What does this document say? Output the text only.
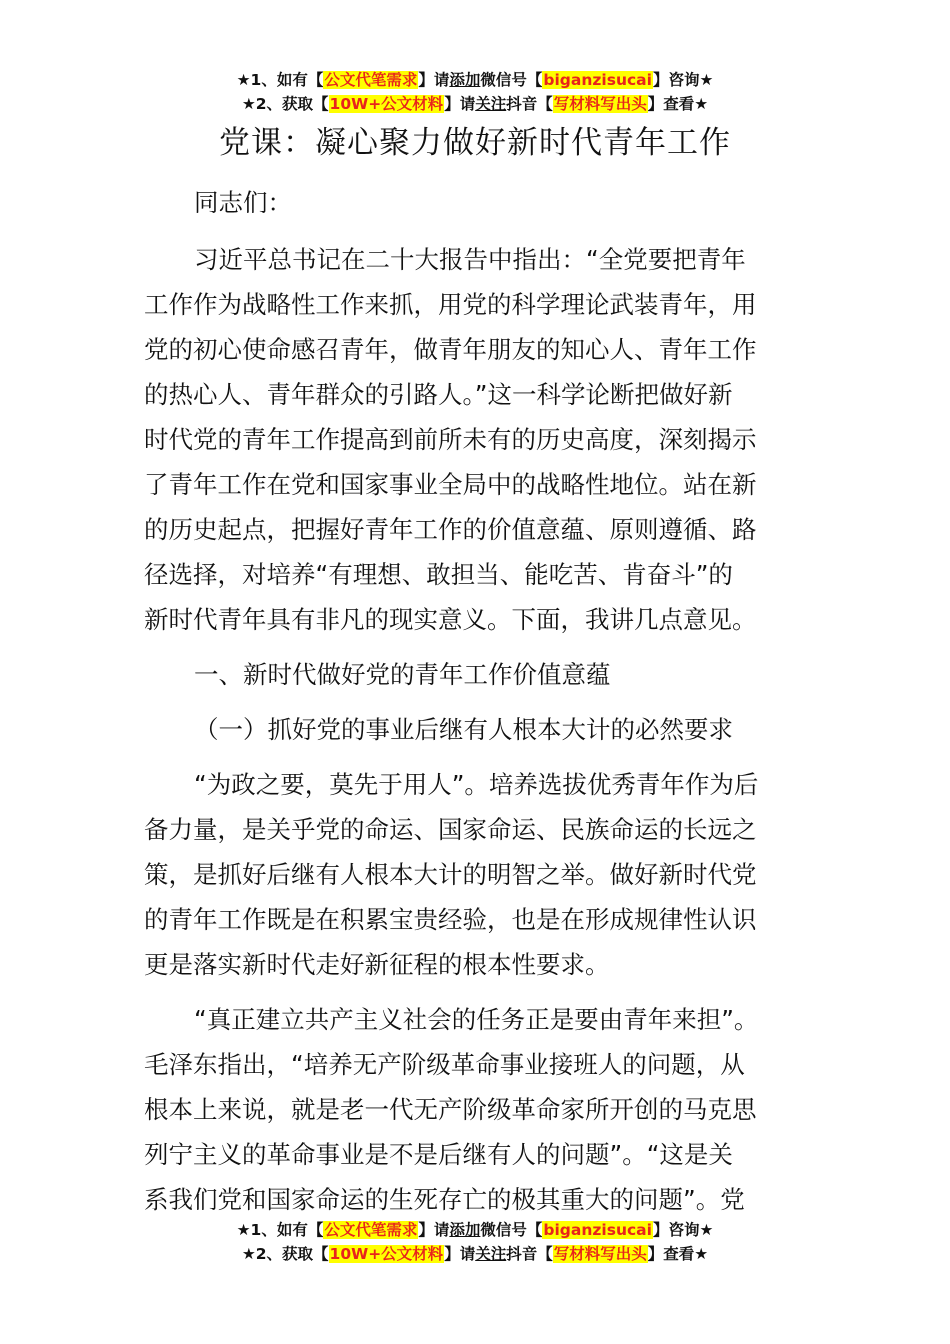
★1、如有【公文代笔需求】请添加微信号【biganzisucai】咨询★
★2、获取【10W+公文材料】请关注抖音【写材料写出头】查看★
党课：凝心聚力做好新时代青年工作

同志们：

习近平总书记在二十大报告中指出：“全党要把青年
工作作为战略性工作来抓，用党的科学理论武装青年，用
党的初心使命感召青年，做青年朋友的知心人、青年工作
的热心人、青年群众的引路人。”这一科学论断把做好新
时代党的青年工作提高到前所未有的历史高度，深刻揭示
了青年工作在党和国家事业全局中的战略性地位。站在新
的历史起点，把握好青年工作的价值意蕴、原则遵循、路
径选择，对培养“有理想、敢担当、能吃苦、肯奋斗”的
新时代青年具有非凡的现实意义。下面，我讲几点意见。

一、新时代做好党的青年工作价值意蕴

（一）抓好党的事业后继有人根本大计的必然要求

“为政之要，莫先于用人”。培养选拔优秀青年作为后
备力量，是关乎党的命运、国家命运、民族命运的长远之
策，是抓好后继有人根本大计的明智之举。做好新时代党
的青年工作既是在积累宝贵经验，也是在形成规律性认识
更是落实新时代走好新征程的根本性要求。
“真正建立共产主义社会的任务正是要由青年来担”。
毛泽东指出，“培养无产阶级革命事业接班人的问题，从
根本上来说，就是老一代无产阶级革命家所开创的马克思
列宁主义的革命事业是不是后继有人的问题”。“这是关
系我们党和国家命运的生死存亡的极其重大的问题”。党
★1、如有【公文代笔需求】请添加微信号【biganzisucai】咨询★
★2、获取【10W+公文材料】请关注抖音【写材料写出头】查看★
